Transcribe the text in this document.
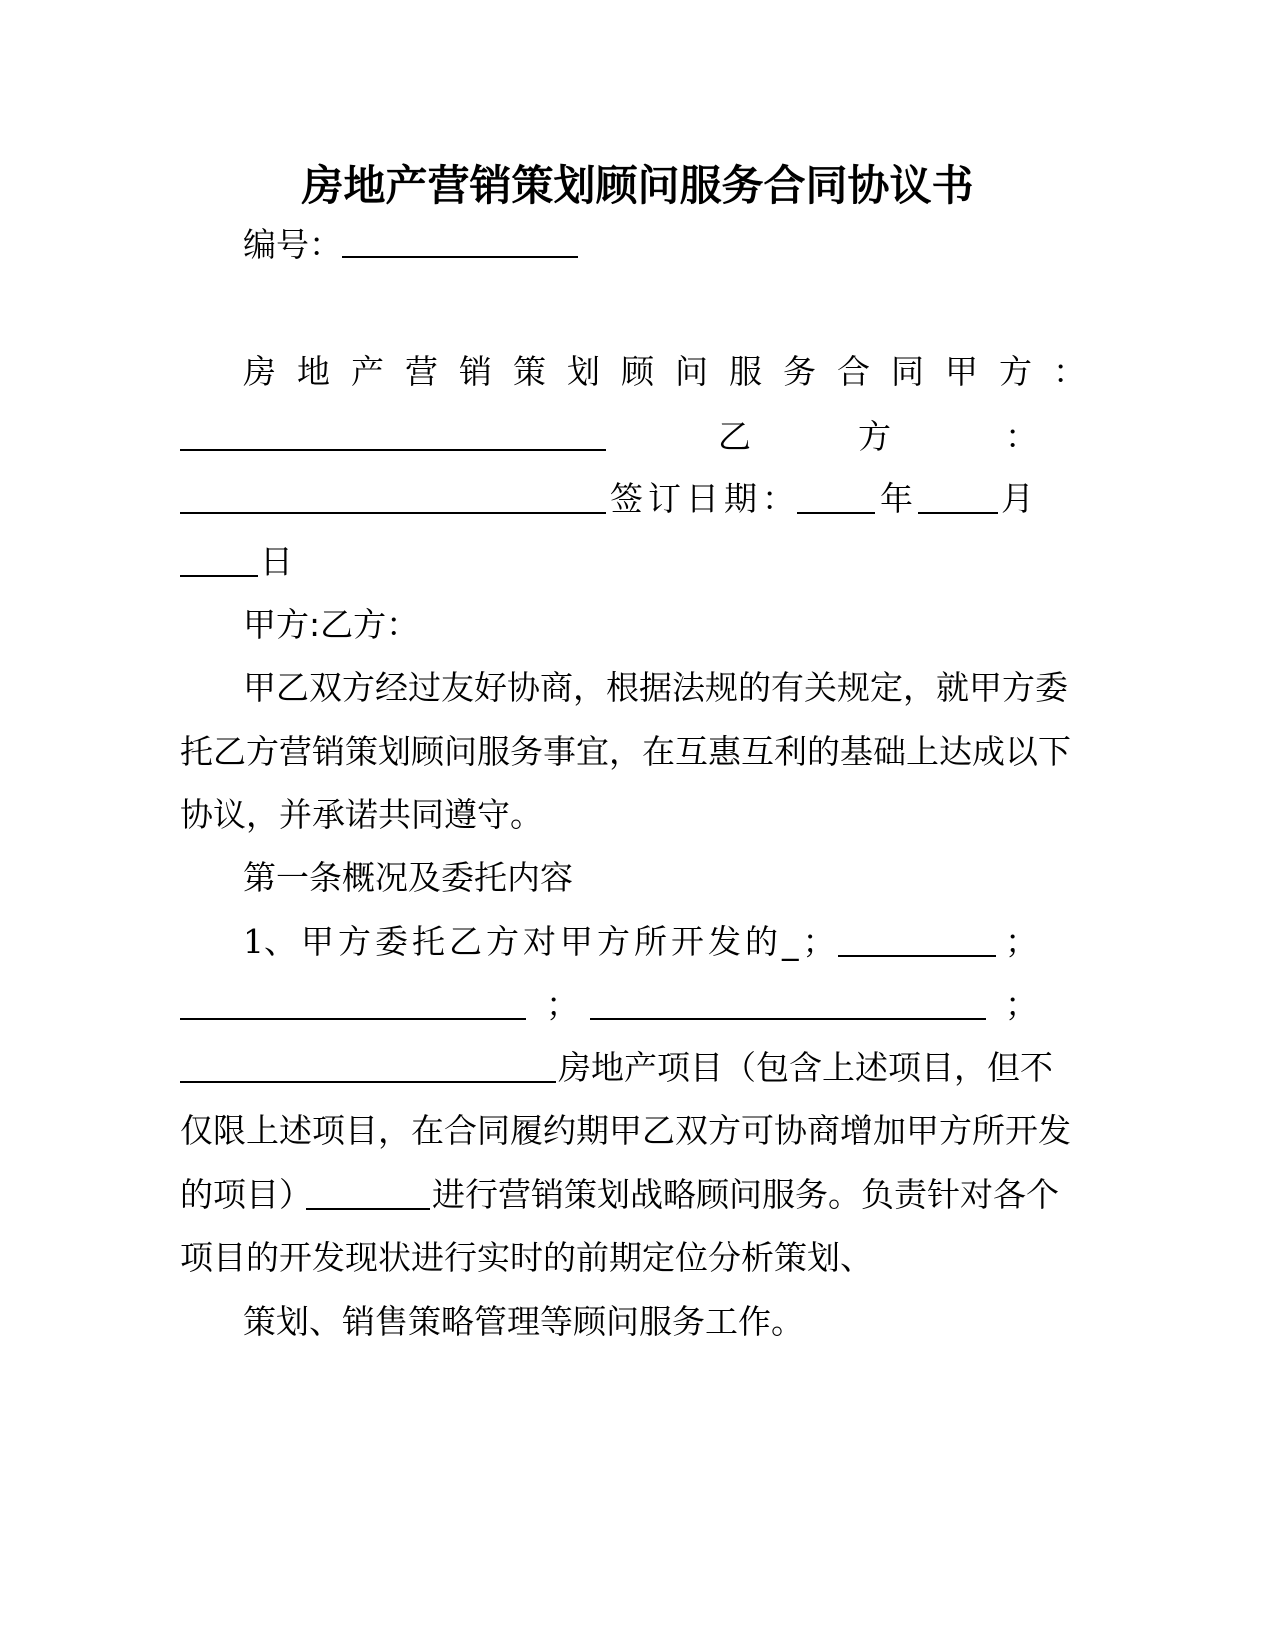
房地产营销策划顾问服务合同协议书
编号：
房地产营销策划顾问服务合同甲方：
乙	方	：
签订日期： 年	月
日
甲方:乙方：
甲乙双方经过友好协商，根据法规的有关规定，就甲方委
托乙方营销策划顾问服务事宜，在互惠互利的基础上达成以下
协议，并承诺共同遵守。
第一条概况及委托内容
1、甲方委托乙方对甲方所开发的_；	；
；	；
房地产项目（包含上述项目，但不
仅限上述项目，在合同履约期甲乙双方可协商增加甲方所开发
的项目）	进行营销策划战略顾问服务。负责针对各个
项目的开发现状进行实时的前期定位分析策划、
策划、销售策略管理等顾问服务工作。
